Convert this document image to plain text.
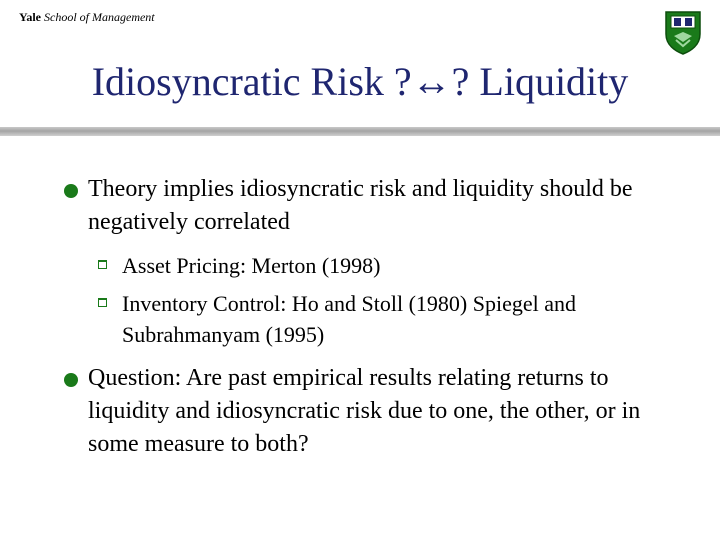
Yale School of Management
Idiosyncratic Risk ?↔? Liquidity
Theory implies idiosyncratic risk and liquidity should be negatively correlated
Asset Pricing: Merton (1998)
Inventory Control: Ho and Stoll (1980) Spiegel and Subrahmanyam (1995)
Question: Are past empirical results relating returns to liquidity and idiosyncratic risk due to one, the other, or in some measure to both?
